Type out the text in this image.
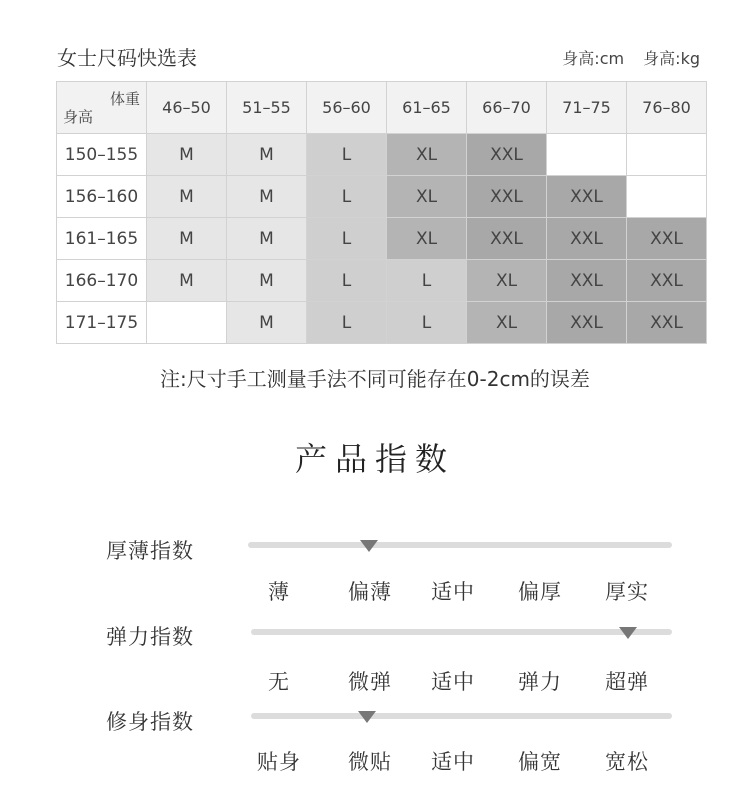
女士尺码快选表	身高:cm 身高:kg
体重
身高	46–50	51–55	56–60	61–65	66–70	71–75	76–80
150–155	M	M	L	XL	XXL		
156–160	M	M	L	XL	XXL	XXL	
161–165	M	M	L	XL	XXL	XXL	XXL
166–170	M	M	L	L	XL	XXL	XXL
171–175		M	L	L	XL	XXL	XXL
注:尺寸手工测量手法不同可能存在0-2cm的误差
产品指数
厚薄指数
薄	偏薄 适中 偏厚 厚实
弹力指数
无	微弹 适中 弹力 超弹
修身指数
贴身 微贴 适中 偏宽 宽松
